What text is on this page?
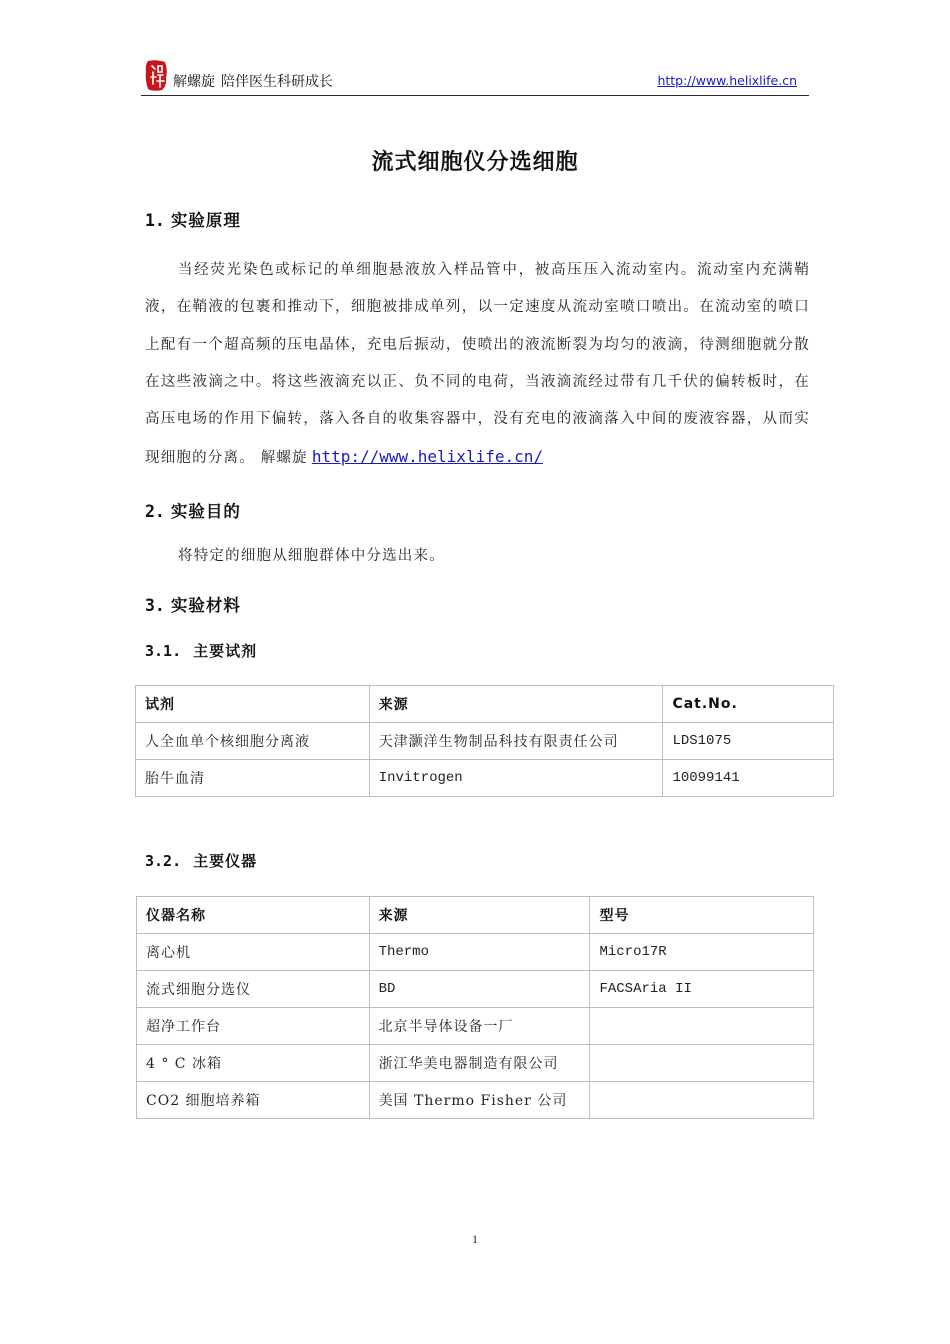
解螺旋 陪伴医生科研成长	http://www.helixlife.cn
流式细胞仪分选细胞
1. 实验原理
当经荧光染色或标记的单细胞悬液放入样品管中，被高压压入流动室内。流动室内充满鞘液，在鞘液的包裹和推动下，细胞被排成单列，以一定速度从流动室喷口喷出。在流动室的喷口上配有一个超高频的压电晶体，充电后振动，使喷出的液流断裂为均匀的液滴，待测细胞就分散在这些液滴之中。将这些液滴充以正、负不同的电荷，当液滴流经过带有几千伏的偏转板时，在高压电场的作用下偏转，落入各自的收集容器中，没有充电的液滴落入中间的废液容器，从而实现细胞的分离。 解螺旋 http://www.helixlife.cn/
2. 实验目的
将特定的细胞从细胞群体中分选出来。
3. 实验材料
3.1. 主要试剂
试剂	来源	Cat.No.
人全血单个核细胞分离液	天津灏洋生物制品科技有限责任公司	LDS1075
胎牛血清	Invitrogen	10099141
3.2. 主要仪器
仪器名称	来源	型号
离心机	Thermo	Micro17R
流式细胞分选仪	BD	FACSAria II
超净工作台	北京半导体设备一厂	
4 ° C 冰箱	浙江华美电器制造有限公司	
CO2 细胞培养箱	美国 Thermo Fisher 公司	
1
